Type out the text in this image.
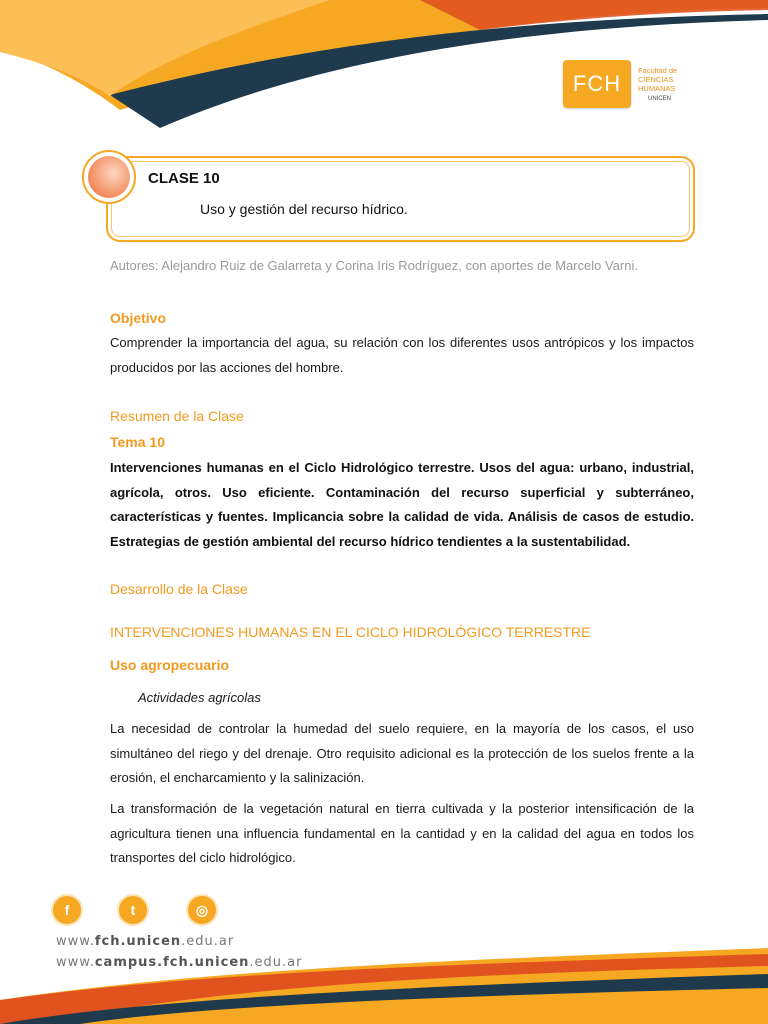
FCH
Facultad de
CIENCIAS
HUMANAS
UNICEN
CLASE 10
Uso y gestión del recurso hídrico.
Autores: Alejandro Ruiz de Galarreta y Corina Iris Rodríguez, con aportes de Marcelo Varni.
Objetivo
Comprender la importancia del agua, su relación con los diferentes usos antrópicos y los impactos producidos por las acciones del hombre.
Resumen de la Clase
Tema 10
Intervenciones humanas en el Ciclo Hidrológico terrestre. Usos del agua: urbano, industrial, agrícola, otros. Uso eficiente. Contaminación del recurso superficial y subterráneo, características y fuentes. Implicancia sobre la calidad de vida. Análisis de casos de estudio. Estrategias de gestión ambiental del recurso hídrico tendientes a la sustentabilidad.
Desarrollo de la Clase
INTERVENCIONES HUMANAS EN EL CICLO HIDROLÓGICO TERRESTRE
Uso agropecuario
Actividades agrícolas
La necesidad de controlar la humedad del suelo requiere, en la mayoría de los casos, el uso simultáneo del riego y del drenaje. Otro requisito adicional es la protección de los suelos frente a la erosión, el encharcamiento y la salinización.
La transformación de la vegetación natural en tierra cultivada y la posterior intensificación de la agricultura tienen una influencia fundamental en la cantidad y en la calidad del agua en todos los transportes del ciclo hidrológico.
f	t	◎
www.fch.unicen.edu.ar
www.campus.fch.unicen.edu.ar
